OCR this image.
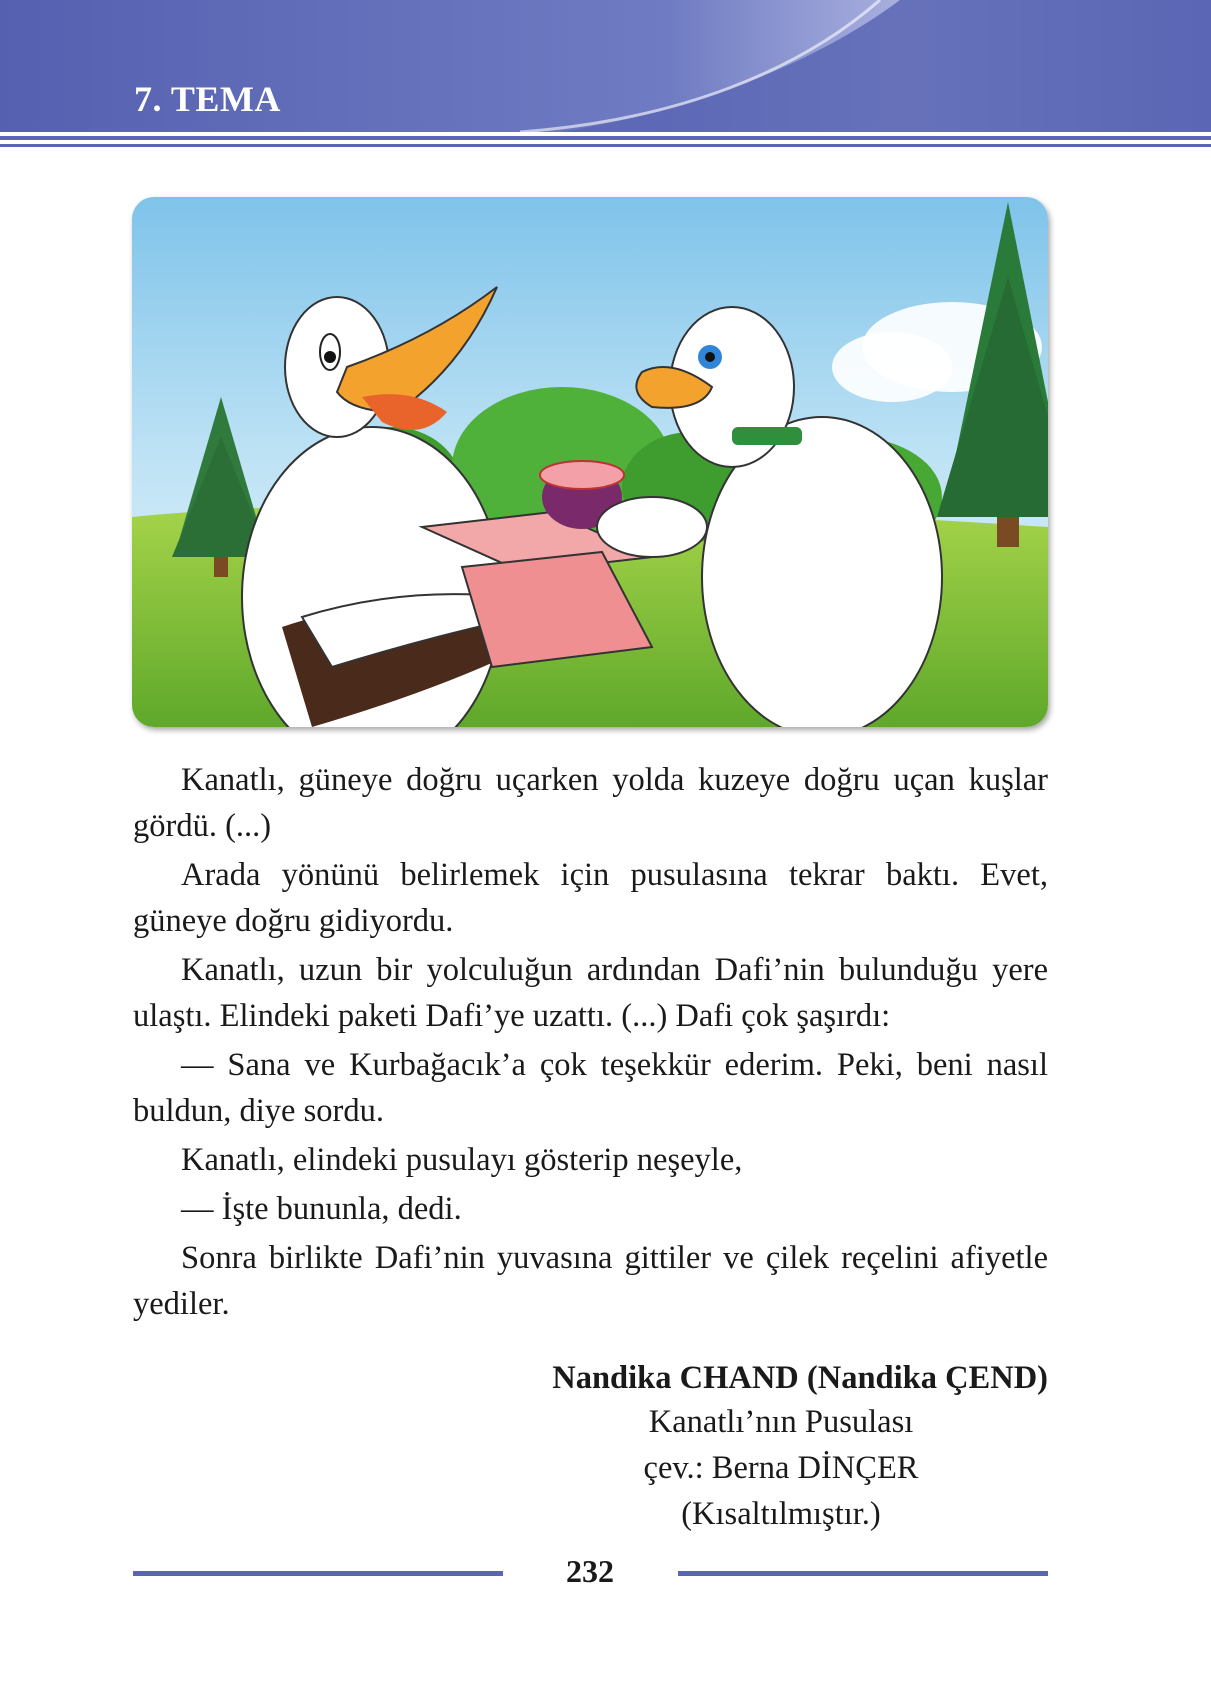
7. TEMA

Kanatlı, güneye doğru uçarken yolda kuzeye doğru uçan kuşlar gördü. (...)

Arada yönünü belirlemek için pusulasına tekrar baktı. Evet, güneye doğru gidiyordu.

Kanatlı, uzun bir yolculuğun ardından Dafi’nin bulunduğu yere ulaştı. Elindeki paketi Dafi’ye uzattı. (...) Dafi çok şaşırdı:

— Sana ve Kurbağacık’a çok teşekkür ederim. Peki, beni nasıl buldun, diye sordu.

Kanatlı, elindeki pusulayı gösterip neşeyle,

— İşte bununla, dedi.

Sonra birlikte Dafi’nin yuvasına gittiler ve çilek reçelini afiyetle yediler.

Nandika CHAND (Nandika ÇEND)
Kanatlı’nın Pusulası
çev.: Berna DİNÇER
(Kısaltılmıştır.)
232
